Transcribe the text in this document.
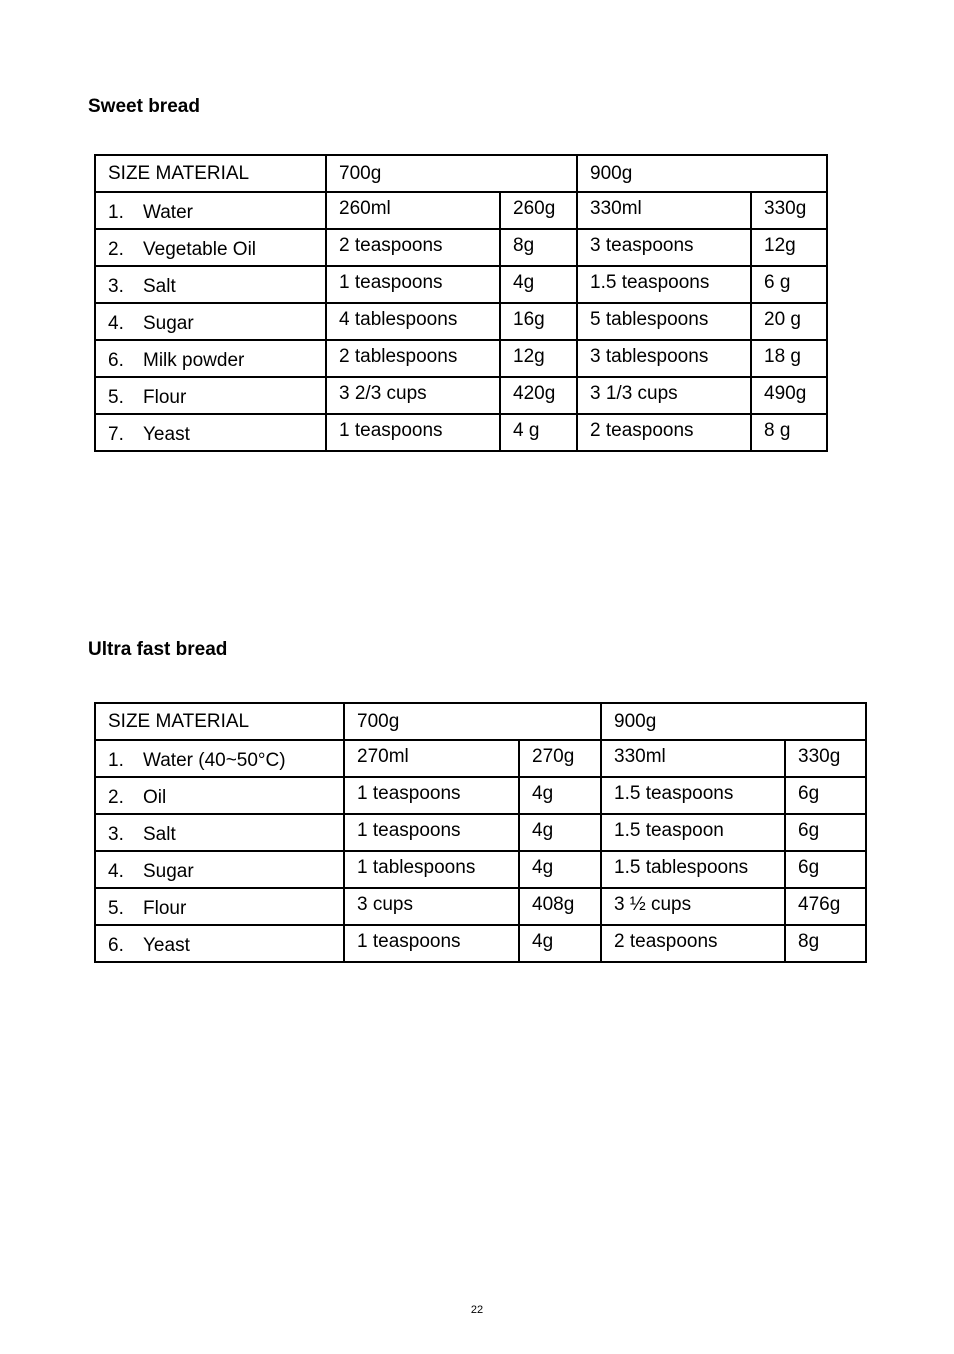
Sweet bread
SIZE MATERIAL	700g		900g	
1. Water	260ml	260g	330ml	330g
2. Vegetable Oil	2 teaspoons	8g	3 teaspoons	12g
3. Salt	1 teaspoons	4g	1.5 teaspoons	6 g
4. Sugar	4 tablespoons	16g	5 tablespoons	20 g
6. Milk powder	2 tablespoons	12g	3 tablespoons	18 g
5. Flour	3 2/3 cups	420g	3 1/3 cups	490g
7. Yeast	1 teaspoons	4 g	2 teaspoons	8 g
Ultra fast bread
SIZE MATERIAL	700g		900g	
1. Water (40~50°C)	270ml	270g	330ml	330g
2. Oil	1 teaspoons	4g	1.5 teaspoons	6g
3. Salt	1 teaspoons	4g	1.5 teaspoon	6g
4. Sugar	1 tablespoons	4g	1.5 tablespoons	6g
5. Flour	3 cups	408g	3 ½ cups	476g
6. Yeast	1 teaspoons	4g	2 teaspoons	8g
22
